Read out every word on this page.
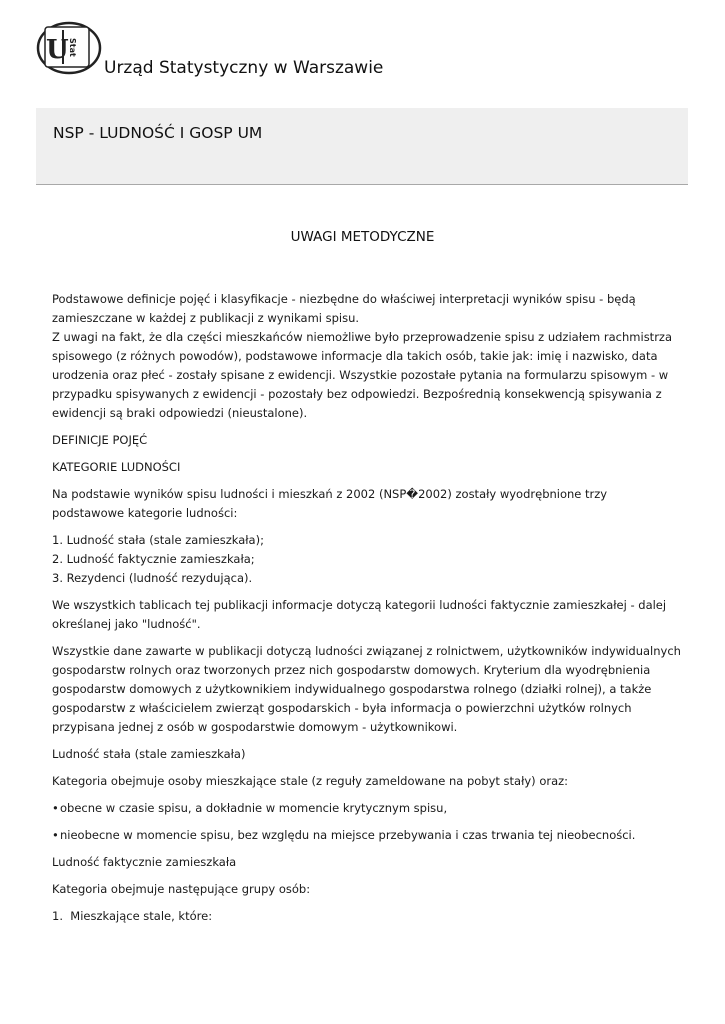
U Stat
Urząd Statystyczny w Warszawie
NSP - LUDNOŚĆ I GOSP UM
UWAGI METODYCZNE

Podstawowe definicje pojęć i klasyfikacje - niezbędne do właściwej interpretacji wyników spisu - będą zamieszczane w każdej z publikacji z wynikami spisu.

Z uwagi na fakt, że dla części mieszkańców niemożliwe było przeprowadzenie spisu z udziałem rachmistrza spisowego (z różnych powodów), podstawowe informacje dla takich osób, takie jak: imię i nazwisko, data urodzenia oraz płeć - zostały spisane z ewidencji. Wszystkie pozostałe pytania na formularzu spisowym - w przypadku spisywanych z ewidencji - pozostały bez odpowiedzi. Bezpośrednią konsekwencją spisywania z ewidencji są braki odpowiedzi (nieustalone).

DEFINICJE POJĘĆ

KATEGORIE LUDNOŚCI

Na podstawie wyników spisu ludności i mieszkań z 2002 (NSP�2002) zostały wyodrębnione trzy podstawowe kategorie ludności:

1. Ludność stała (stale zamieszkała);

2. Ludność faktycznie zamieszkała;

3. Rezydenci (ludność rezydująca).

We wszystkich tablicach tej publikacji informacje dotyczą kategorii ludności faktycznie zamieszkałej - dalej określanej jako "ludność".

Wszystkie dane zawarte w publikacji dotyczą ludności związanej z rolnictwem, użytkowników indywidualnych gospodarstw rolnych oraz tworzonych przez nich gospodarstw domowych. Kryterium dla wyodrębnienia gospodarstw domowych z użytkownikiem indywidualnego gospodarstwa rolnego (działki rolnej), a także gospodarstw z właścicielem zwierząt gospodarskich - była informacja o powierzchni użytków rolnych przypisana jednej z osób w gospodarstwie domowym - użytkownikowi.

Ludność stała (stale zamieszkała)

Kategoria obejmuje osoby mieszkające stale (z reguły zameldowane na pobyt stały) oraz:

•obecne w czasie spisu, a dokładnie w momencie krytycznym spisu,

•nieobecne w momencie spisu, bez względu na miejsce przebywania i czas trwania tej nieobecności.

Ludność faktycznie zamieszkała

Kategoria obejmuje następujące grupy osób:

1.  Mieszkające stale, które:
